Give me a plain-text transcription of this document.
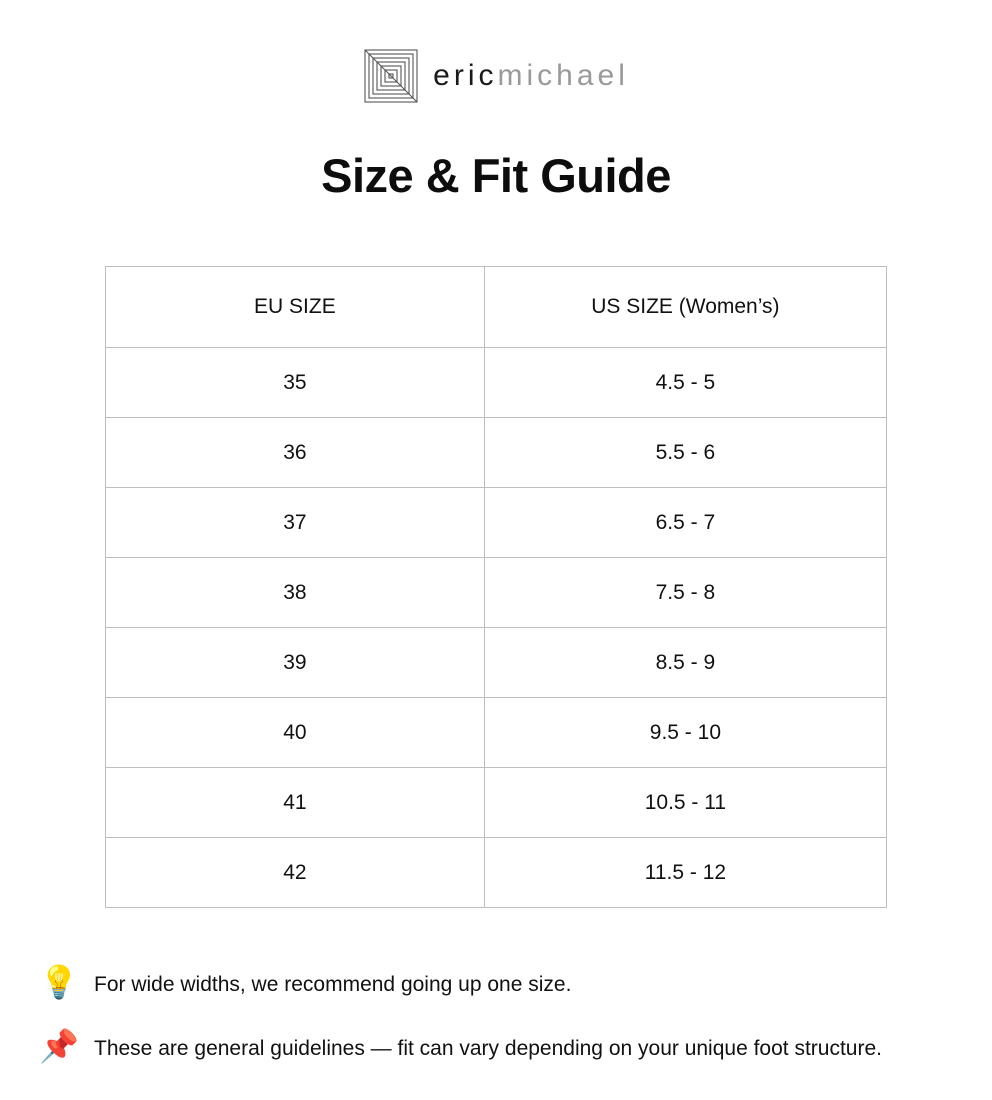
eric michael
Size & Fit Guide
EU SIZE	US SIZE (Women’s)
35	4.5 - 5
36	5.5 - 6
37	6.5 - 7
38	7.5 - 8
39	8.5 - 9
40	9.5 - 10
41	10.5 - 11
42	11.5 - 12
💡 For wide widths, we recommend going up one size.
📌 These are general guidelines — fit can vary depending on your unique foot structure.
